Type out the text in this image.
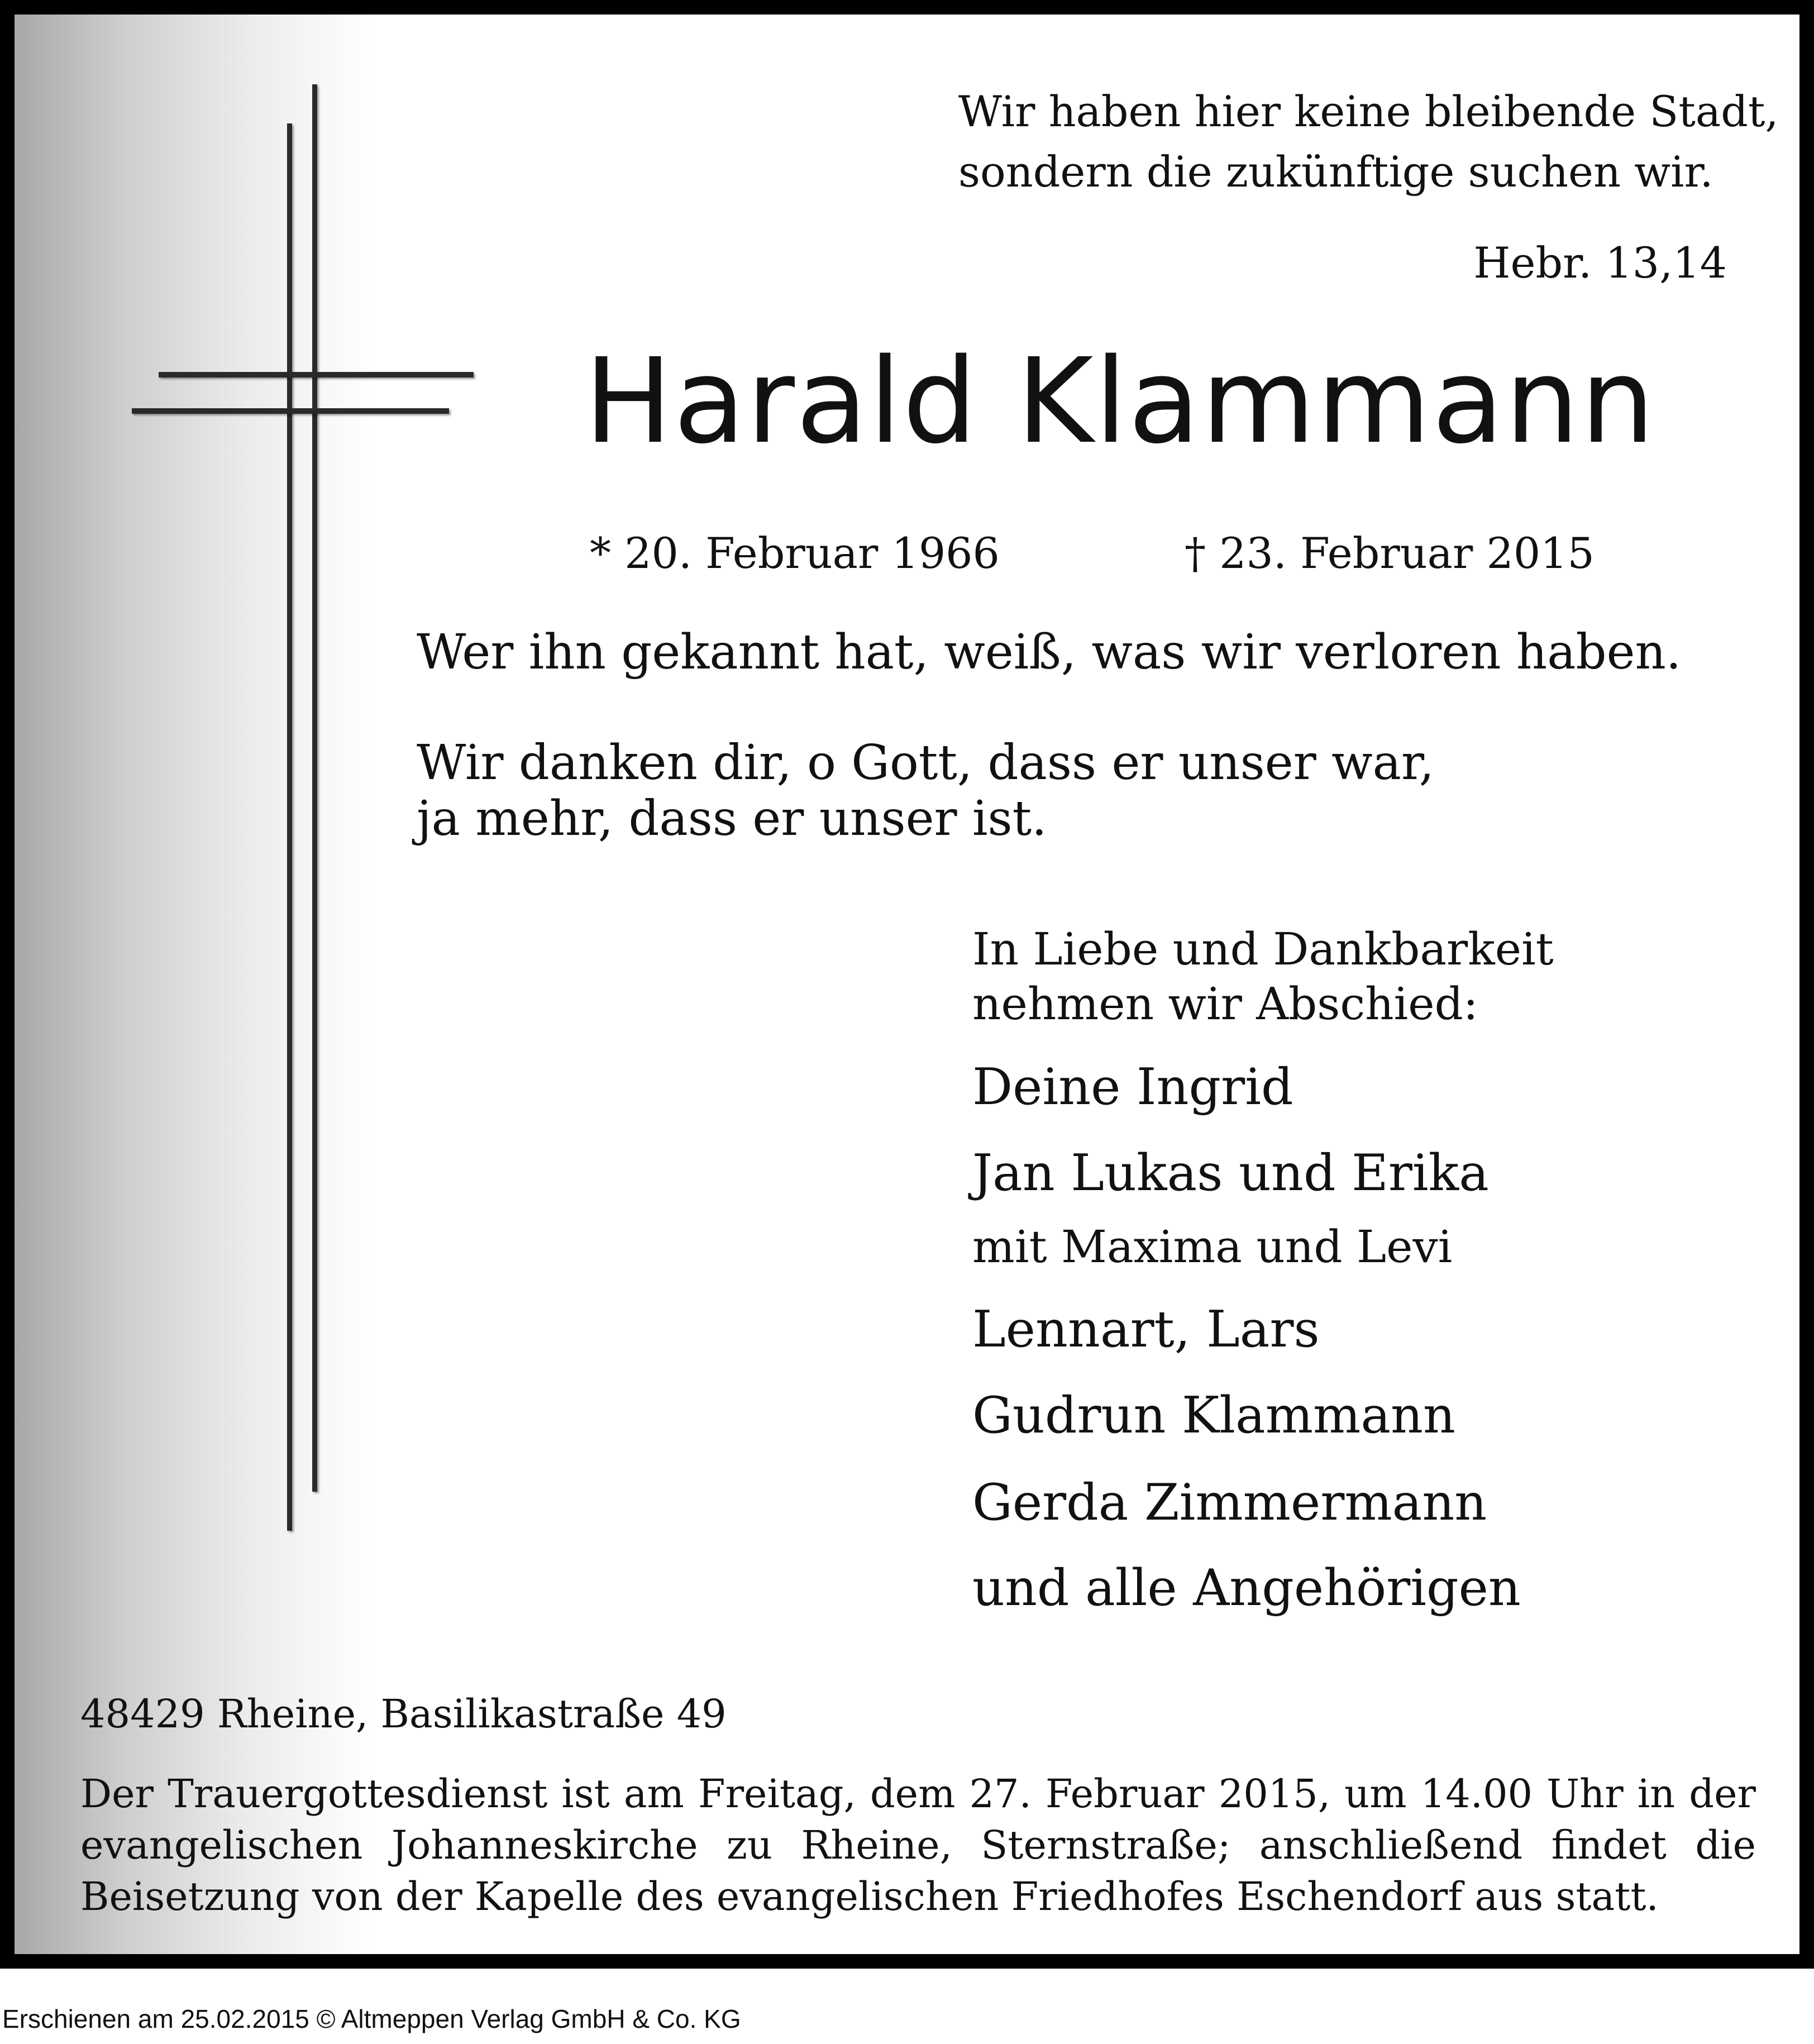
Wir haben hier keine bleibende Stadt,
sondern die zukünftige suchen wir.
Hebr. 13,14
Harald Klammann
* 20. Februar 1966	† 23. Februar 2015
Wer ihn gekannt hat, weiß, was wir verloren haben.
Wir danken dir, o Gott, dass er unser war,
ja mehr, dass er unser ist.
In Liebe und Dankbarkeit
nehmen wir Abschied:
Deine Ingrid
Jan Lukas und Erika
mit Maxima und Levi
Lennart, Lars
Gudrun Klammann
Gerda Zimmermann
und alle Angehörigen
48429 Rheine, Basilikastraße 49
Der Trauergottesdienst ist am Freitag, dem 27. Februar 2015, um 14.00 Uhr in der evangelischen Johanneskirche zu Rheine, Sternstraße; anschließend findet die Beisetzung von der Kapelle des evangelischen Friedhofes Eschendorf aus statt.
Erschienen am 25.02.2015 © Altmeppen Verlag GmbH & Co. KG
